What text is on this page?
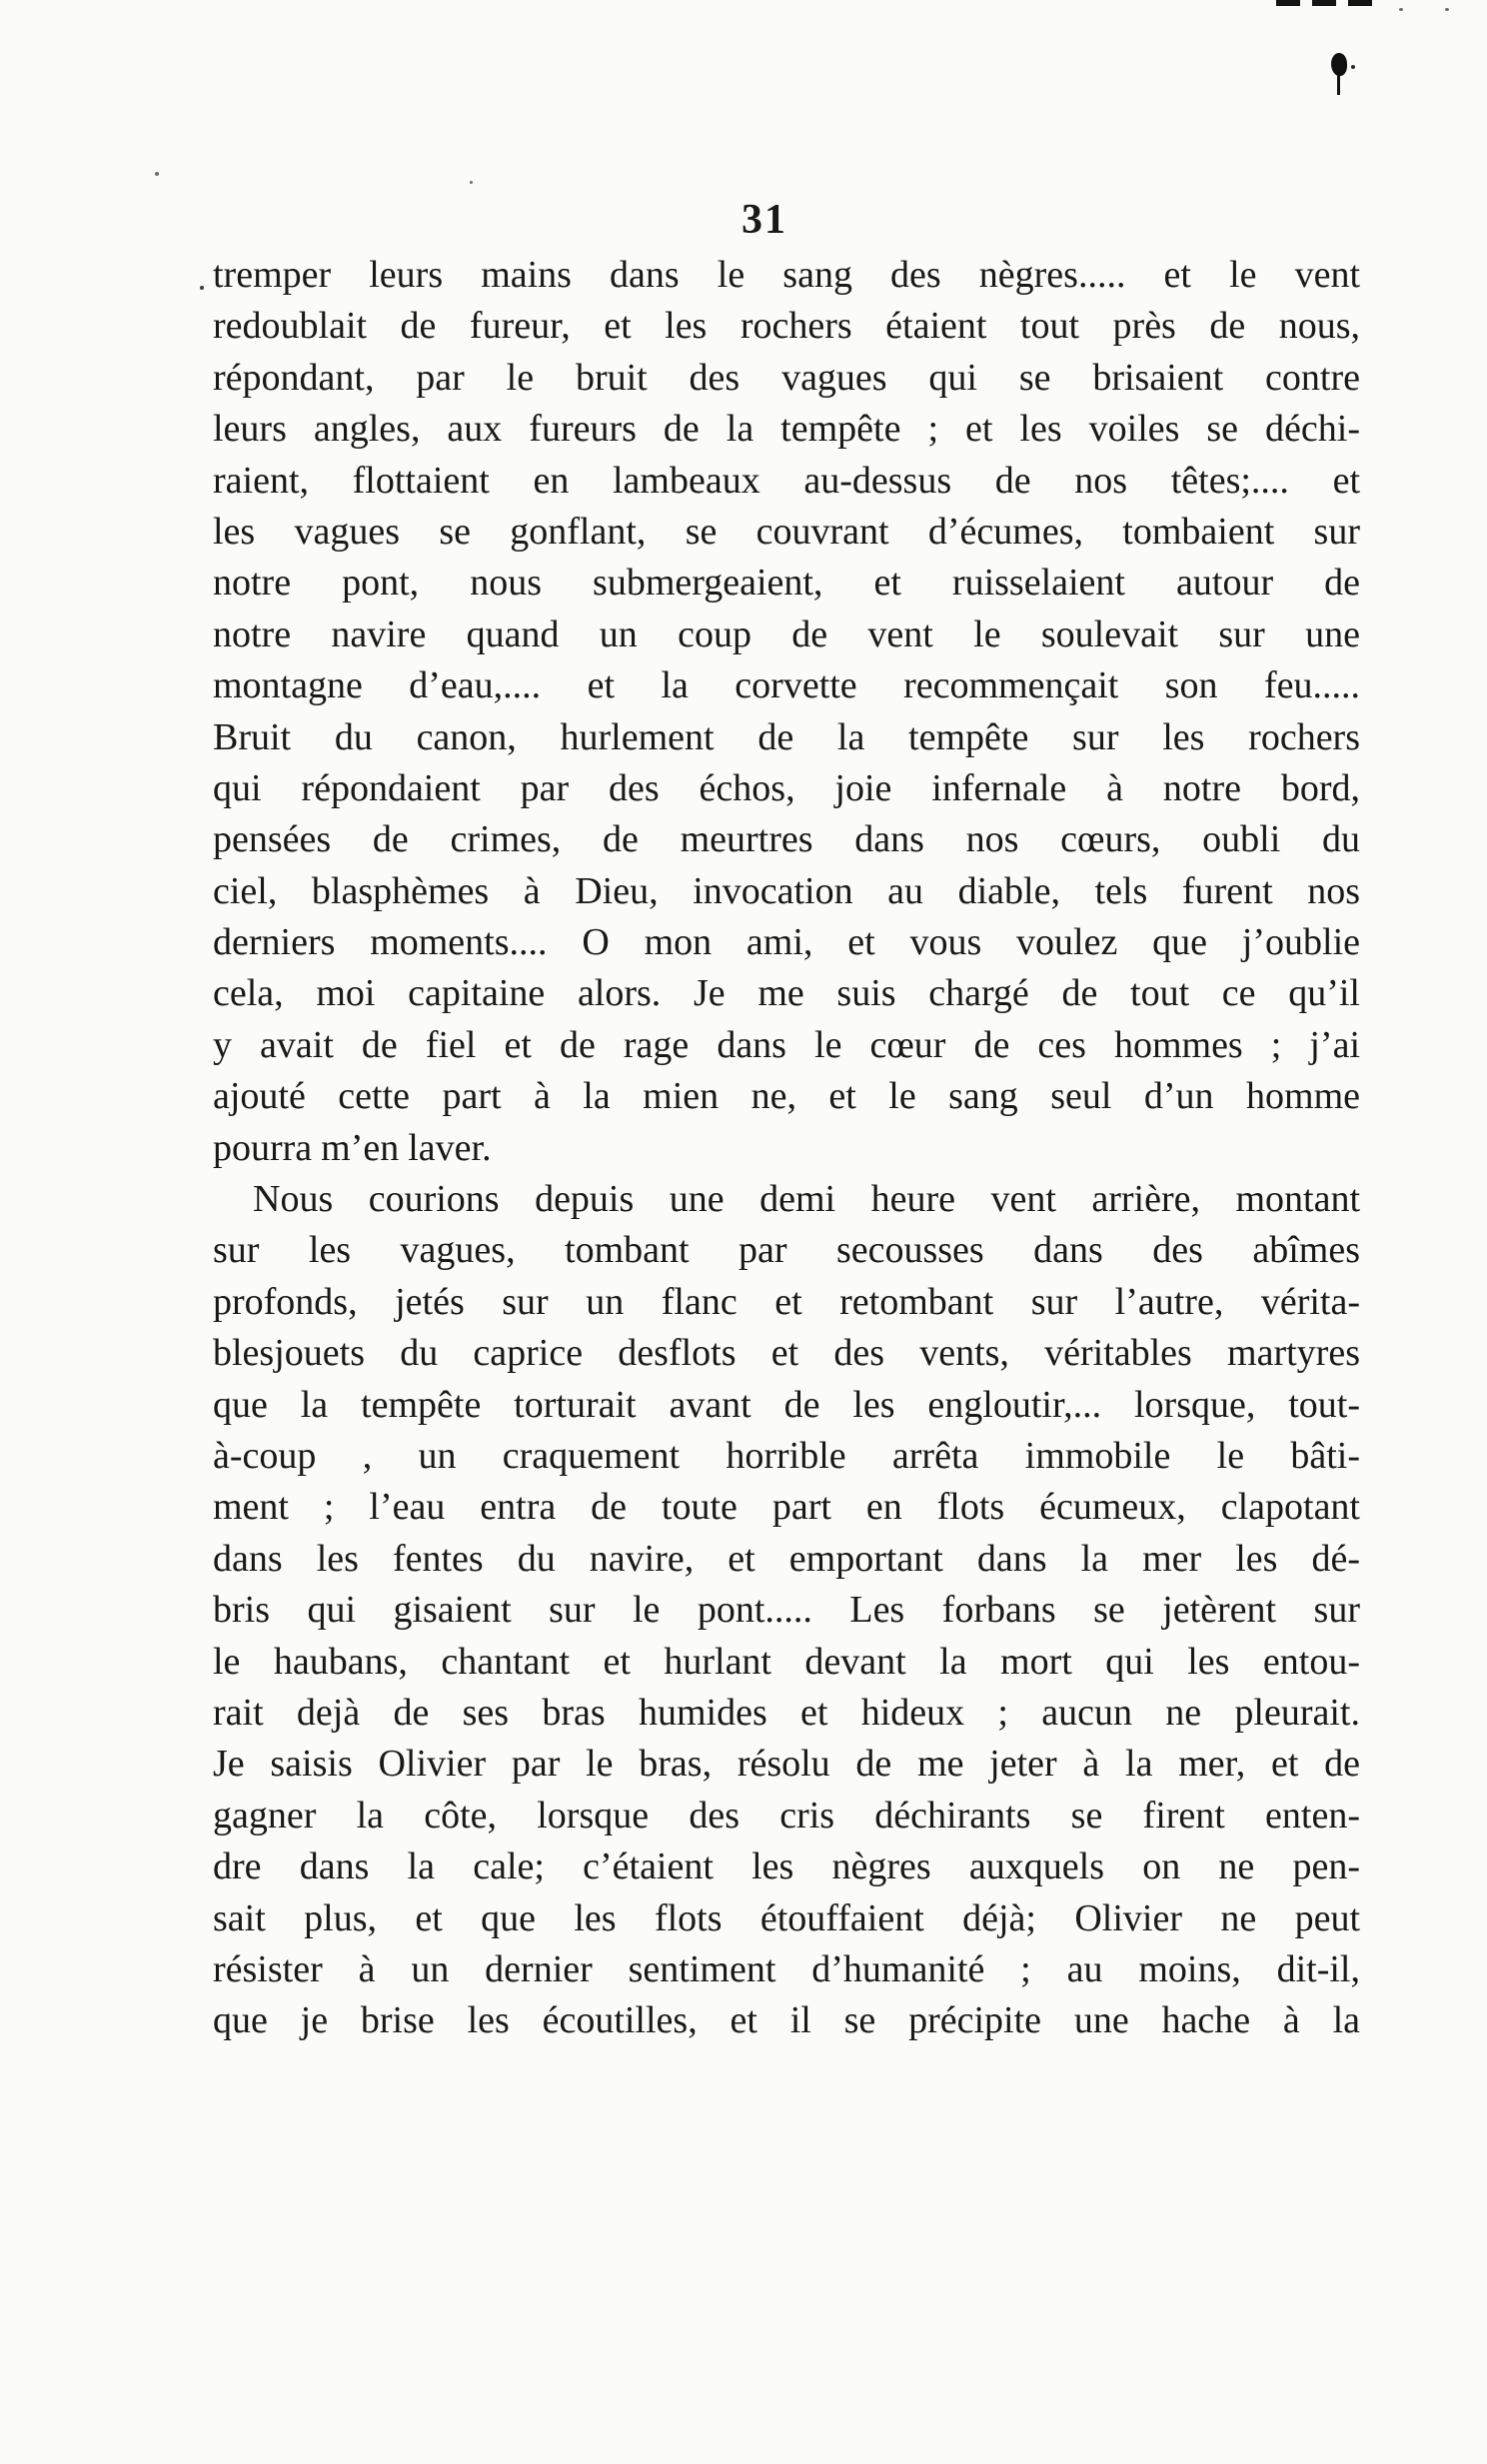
31
tremper leurs mains dans le sang des nègres..... et le vent
redoublait de fureur, et les rochers étaient tout près de nous,
répondant, par le bruit des vagues qui se brisaient contre
leurs angles, aux fureurs de la tempête ; et les voiles se déchi-
raient, flottaient en lambeaux au-dessus de nos têtes;.... et
les vagues se gonflant, se couvrant d’écumes, tombaient sur
notre pont, nous submergeaient, et ruisselaient autour de
notre navire quand un coup de vent le soulevait sur une
montagne d’eau,.... et la corvette recommençait son feu.....
Bruit du canon, hurlement de la tempête sur les rochers
qui répondaient par des échos, joie infernale à notre bord,
pensées de crimes, de meurtres dans nos cœurs, oubli du
ciel, blasphèmes à Dieu, invocation au diable, tels furent nos
derniers moments.... O mon ami, et vous voulez que j’oublie
cela, moi capitaine alors. Je me suis chargé de tout ce qu’il
y avait de fiel et de rage dans le cœur de ces hommes ; j’ai
ajouté cette part à la mien ne, et le sang seul d’un homme
pourra m’en laver.
Nous courions depuis une demi heure vent arrière, montant
sur les vagues, tombant par secousses dans des abîmes
profonds, jetés sur un flanc et retombant sur l’autre, vérita-
blesjouets du caprice desflots et des vents, véritables martyres
que la tempête torturait avant de les engloutir,... lorsque, tout-
à-coup , un craquement horrible arrêta immobile le bâti-
ment ; l’eau entra de toute part en flots écumeux, clapotant
dans les fentes du navire, et emportant dans la mer les dé-
bris qui gisaient sur le pont..... Les forbans se jetèrent sur
le haubans, chantant et hurlant devant la mort qui les entou-
rait dejà de ses bras humides et hideux ; aucun ne pleurait.
Je saisis Olivier par le bras, résolu de me jeter à la mer, et de
gagner la côte, lorsque des cris déchirants se firent enten-
dre dans la cale; c’étaient les nègres auxquels on ne pen-
sait plus, et que les flots étouffaient déjà; Olivier ne peut
résister à un dernier sentiment d’humanité ; au moins, dit-il,
que je brise les écoutilles, et il se précipite une hache à la
